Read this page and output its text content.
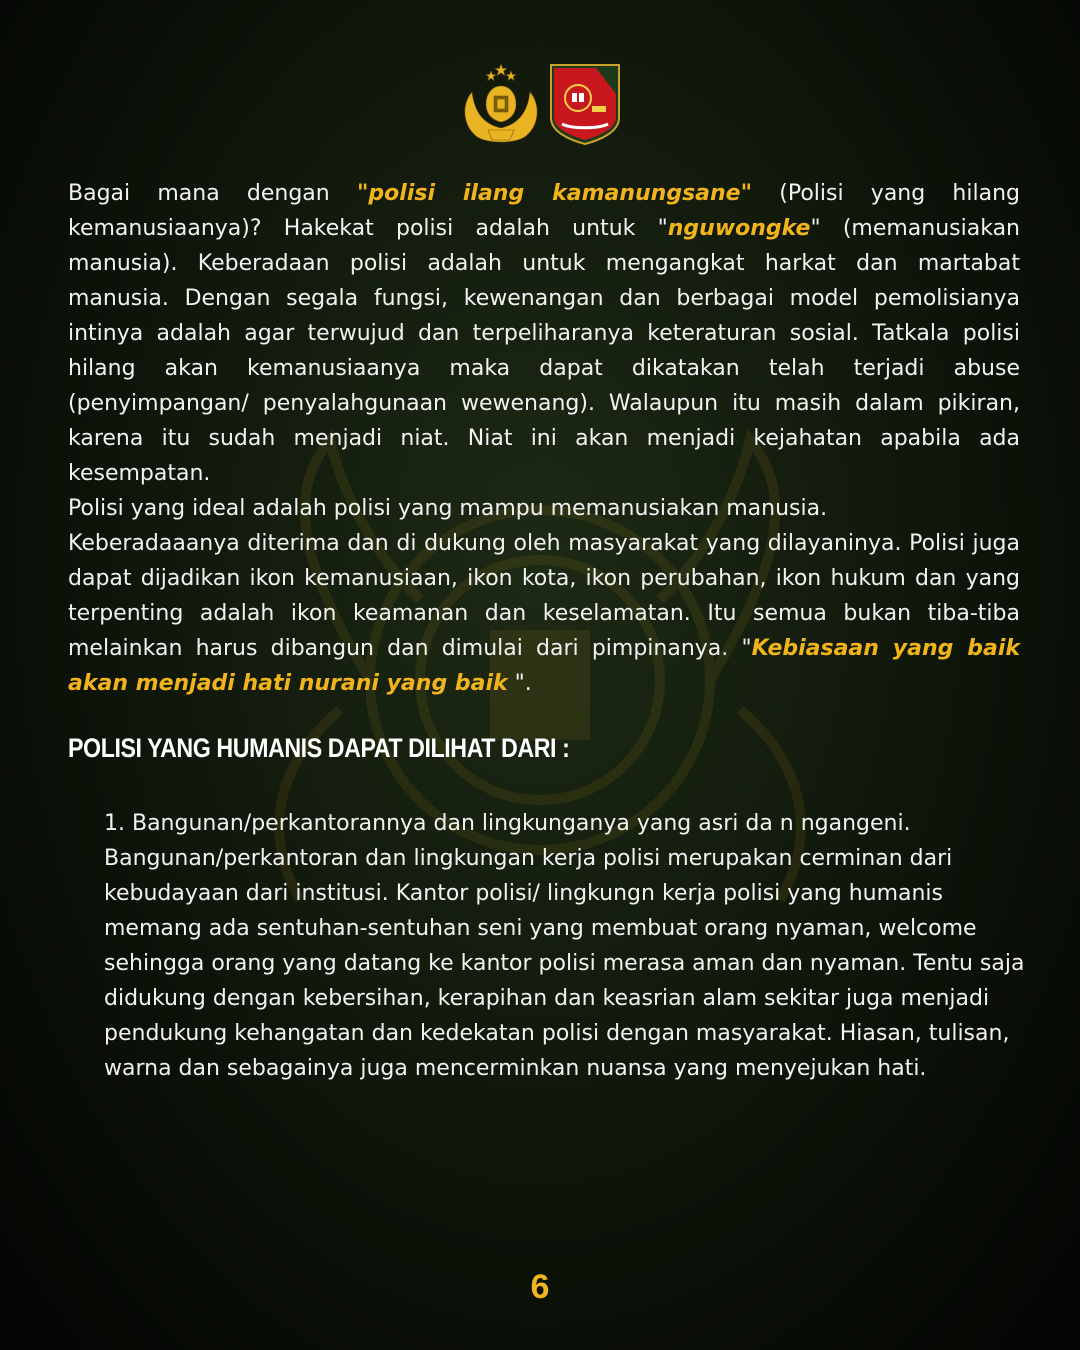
Bagai mana dengan "polisi ilang kamanungsane" (Polisi yang hilang kemanusiaanya)? Hakekat polisi adalah untuk "nguwongke" (memanusiakan manusia). Keberadaan polisi adalah untuk mengangkat harkat dan martabat manusia. Dengan segala fungsi, kewenangan dan berbagai model pemolisianya intinya adalah agar terwujud dan terpeliharanya keteraturan sosial. Tatkala polisi hilang akan kemanusiaanya maka dapat dikatakan telah terjadi abuse (penyimpangan/ penyalahgunaan wewenang). Walaupun itu masih dalam pikiran, karena itu sudah menjadi niat. Niat ini akan menjadi kejahatan apabila ada kesempatan.

Polisi yang ideal adalah polisi yang mampu memanusiakan manusia.
Keberadaaanya diterima dan di dukung oleh masyarakat yang dilayaninya. Polisi juga dapat dijadikan ikon kemanusiaan, ikon kota, ikon perubahan, ikon hukum dan yang terpenting adalah ikon keamanan dan keselamatan. Itu semua bukan tiba-tiba melainkan harus dibangun dan dimulai dari pimpinanya. "Kebiasaan yang baik akan menjadi hati nurani yang baik ".

POLISI YANG HUMANIS DAPAT DILIHAT DARI :

1. Bangunan/perkantorannya dan lingkunganya yang asri da n ngangeni. Bangunan/perkantoran dan lingkungan kerja polisi merupakan cerminan dari kebudayaan dari institusi. Kantor polisi/ lingkungn kerja polisi yang humanis memang ada sentuhan-sentuhan seni yang membuat orang nyaman, welcome sehingga orang yang datang ke kantor polisi merasa aman dan nyaman. Tentu saja didukung dengan kebersihan, kerapihan dan keasrian alam sekitar juga menjadi pendukung kehangatan dan kedekatan polisi dengan masyarakat. Hiasan, tulisan, warna dan sebagainya juga mencerminkan nuansa yang menyejukan hati.

6
